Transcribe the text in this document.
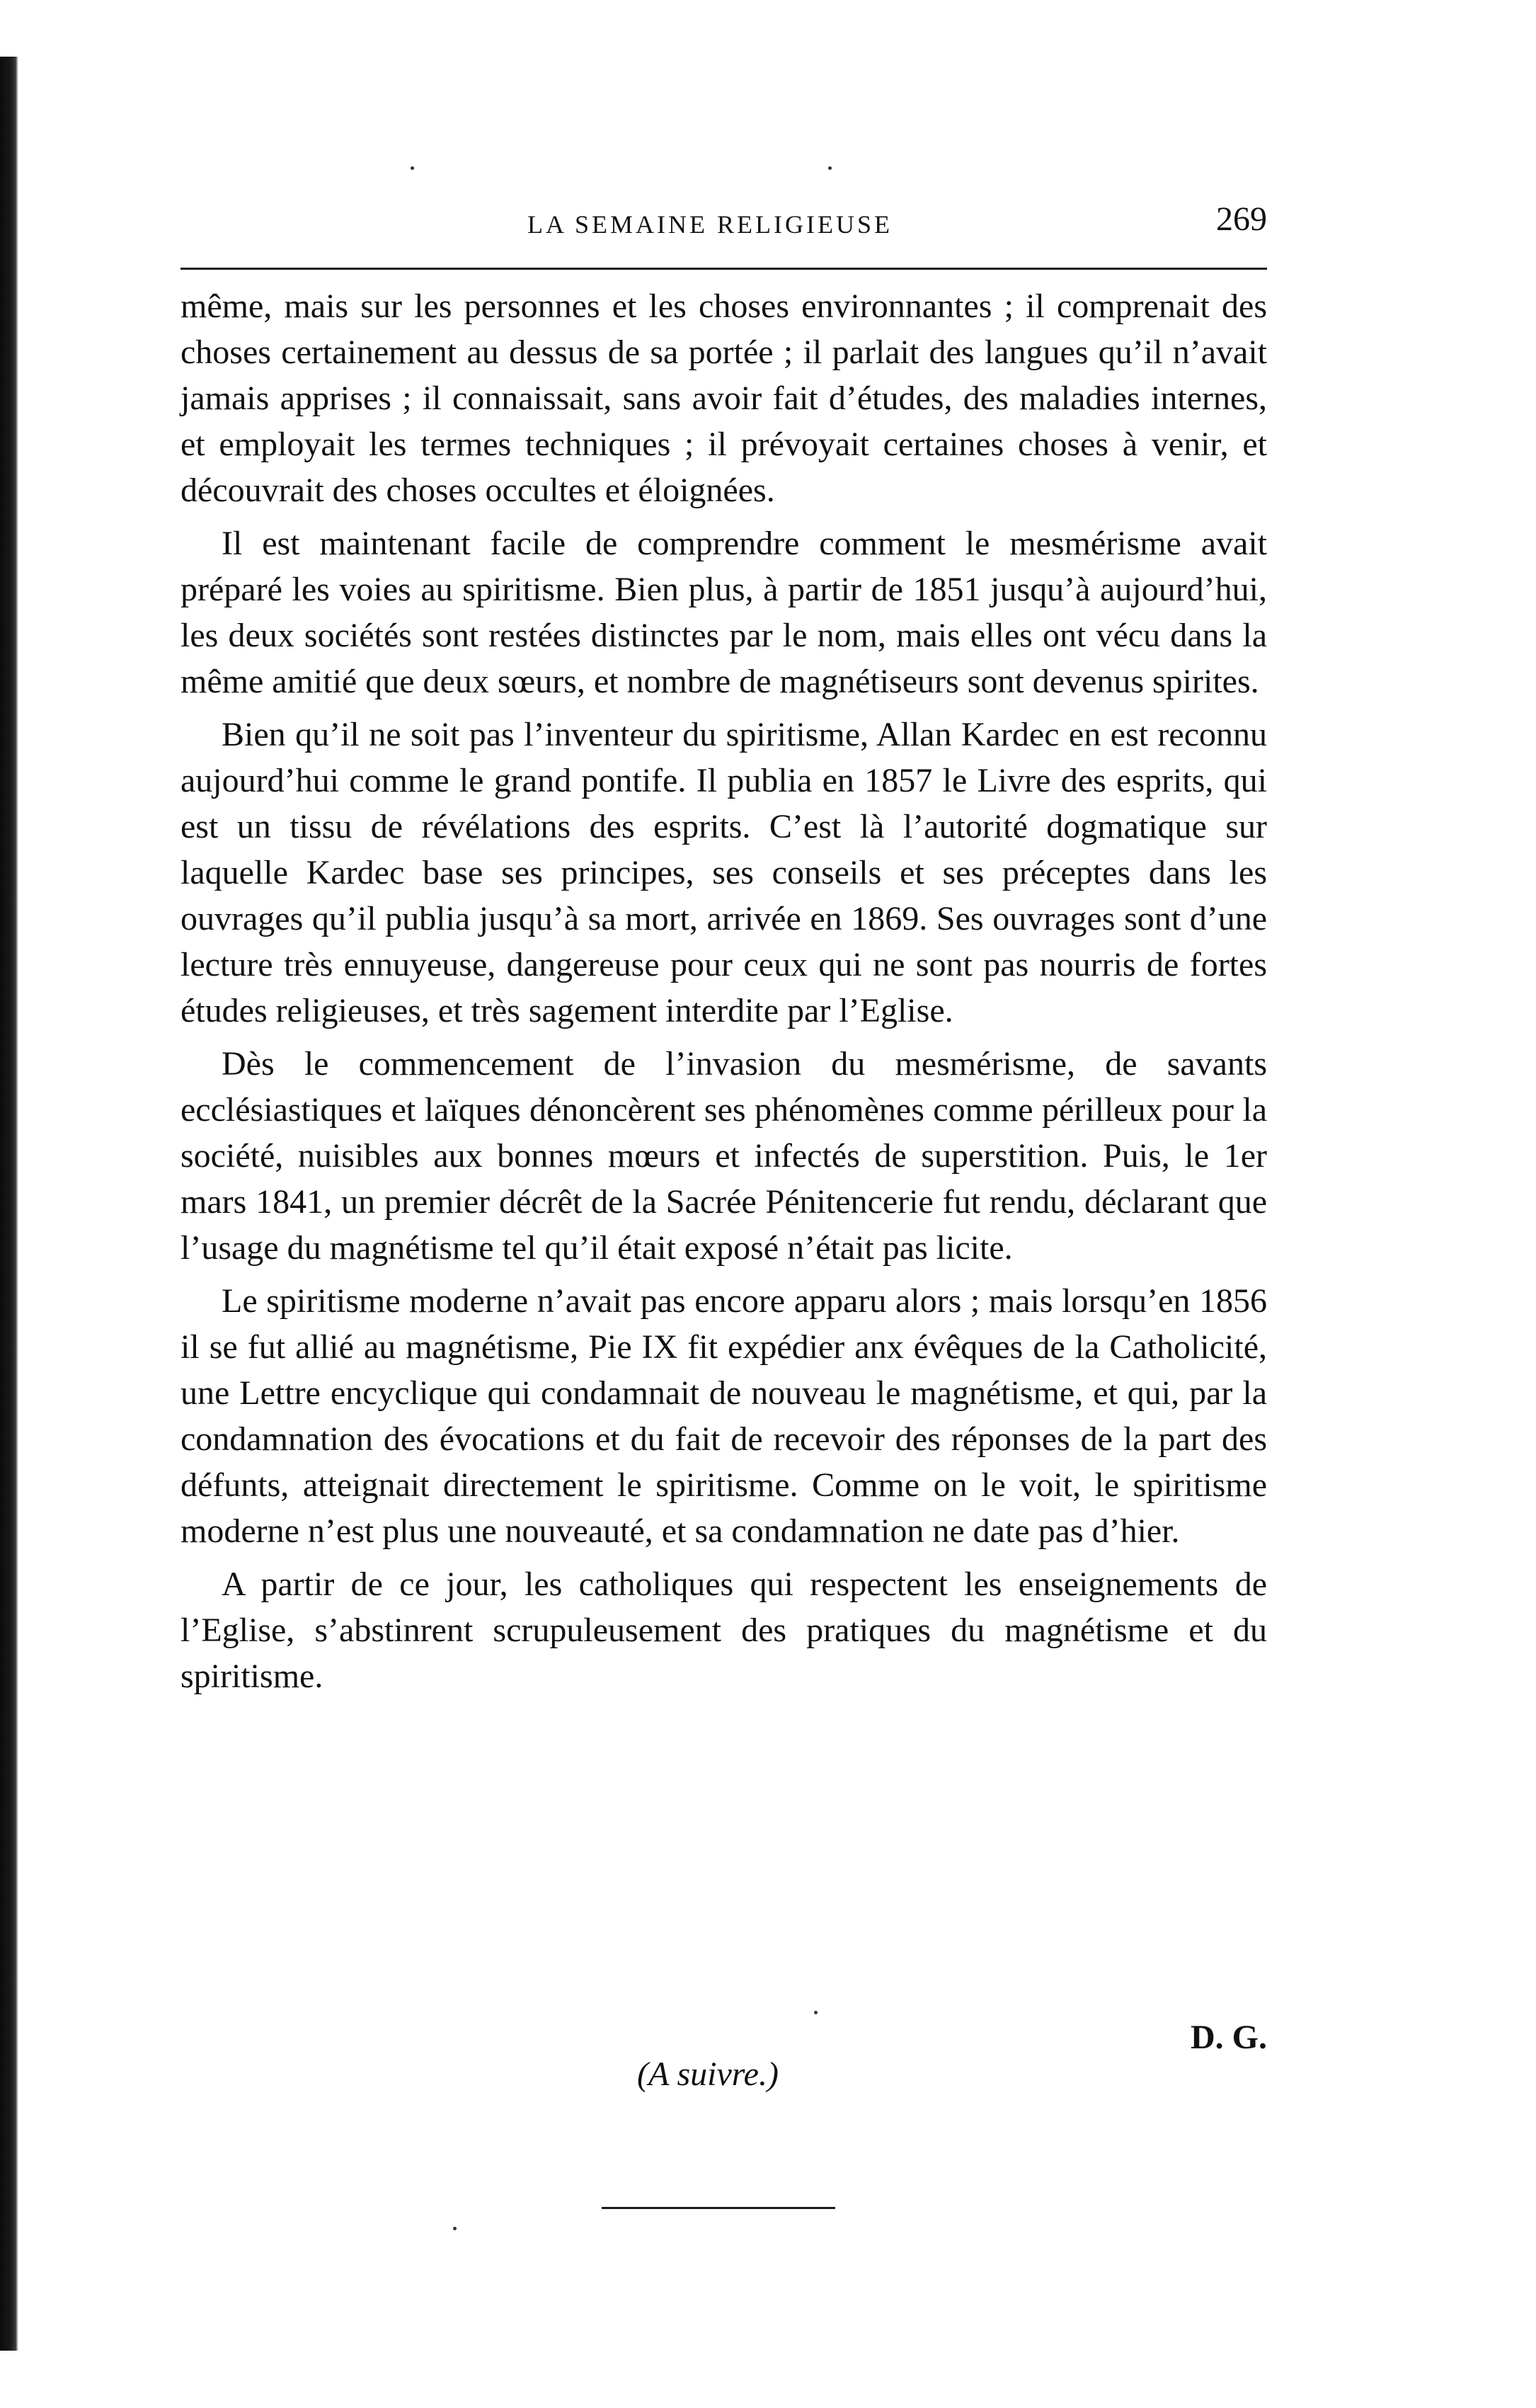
LA SEMAINE RELIGIEUSE	269

même, mais sur les personnes et les choses environnantes ; il comprenait des choses certainement au dessus de sa portée ; il parlait des langues qu’il n’avait jamais apprises ; il connaissait, sans avoir fait d’études, des maladies internes, et employait les termes techniques ; il prévoyait certaines choses à venir, et découvrait des choses occultes et éloignées.

Il est maintenant facile de comprendre comment le mesmérisme avait préparé les voies au spiritisme. Bien plus, à partir de 1851 jusqu’à aujourd’hui, les deux sociétés sont restées distinctes par le nom, mais elles ont vécu dans la même amitié que deux sœurs, et nombre de magnétiseurs sont devenus spirites.

Bien qu’il ne soit pas l’inventeur du spiritisme, Allan Kardec en est reconnu aujourd’hui comme le grand pontife. Il publia en 1857 le Livre des esprits, qui est un tissu de révélations des esprits. C’est là l’autorité dogmatique sur laquelle Kardec base ses principes, ses conseils et ses préceptes dans les ouvrages qu’il publia jusqu’à sa mort, arrivée en 1869. Ses ouvrages sont d’une lecture très ennuyeuse, dangereuse pour ceux qui ne sont pas nourris de fortes études religieuses, et très sagement interdite par l’Eglise.

Dès le commencement de l’invasion du mesmérisme, de savants ecclésiastiques et laïques dénoncèrent ses phénomènes comme périlleux pour la société, nuisibles aux bonnes mœurs et infectés de superstition. Puis, le 1er mars 1841, un premier décrêt de la Sacrée Pénitencerie fut rendu, déclarant que l’usage du magnétisme tel qu’il était exposé n’était pas licite.

Le spiritisme moderne n’avait pas encore apparu alors ; mais lorsqu’en 1856 il se fut allié au magnétisme, Pie IX fit expédier anx évêques de la Catholicité, une Lettre encyclique qui condamnait de nouveau le magnétisme, et qui, par la condamnation des évocations et du fait de recevoir des réponses de la part des défunts, atteignait directement le spiritisme. Comme on le voit, le spiritisme moderne n’est plus une nouveauté, et sa condamnation ne date pas d’hier.

A partir de ce jour, les catholiques qui respectent les enseignements de l’Eglise, s’abstinrent scrupuleusement des pratiques du magnétisme et du spiritisme.

D. G.
(A suivre.)
